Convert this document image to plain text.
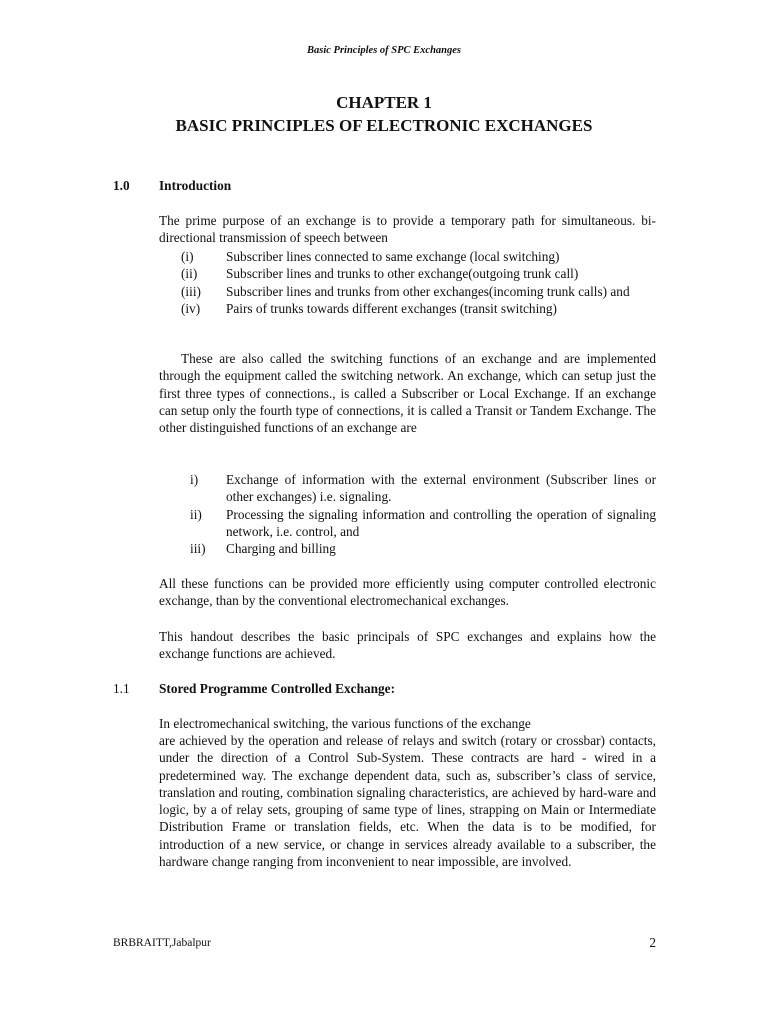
Basic Principles of SPC Exchanges
CHAPTER 1
BASIC PRINCIPLES OF ELECTRONIC EXCHANGES
1.0 Introduction

The prime purpose of an exchange is to provide a temporary path for simultaneous. bi-directional transmission of speech between

(i) Subscriber lines connected to same exchange (local switching)
(ii) Subscriber lines and trunks to other exchange(outgoing trunk call)
(iii) Subscriber lines and trunks from other exchanges(incoming trunk calls) and
(iv) Pairs of trunks towards different exchanges (transit switching)

These are also called the switching functions of an exchange and are implemented through the equipment called the switching network. An exchange, which can setup just the first three types of connections., is called a Subscriber or Local Exchange. If an exchange can setup only the fourth type of connections, it is called a Transit or Tandem Exchange. The other distinguished functions of an exchange are

i) Exchange of information with the external environment (Subscriber lines or other exchanges) i.e. signaling.
ii) Processing the signaling information and controlling the operation of signaling network, i.e. control, and
iii) Charging and billing

All these functions can be provided more efficiently using computer controlled electronic exchange, than by the conventional electromechanical exchanges.

This handout describes the basic principals of SPC exchanges and explains how the exchange functions are achieved.

1.1 Stored Programme Controlled Exchange:

In electromechanical switching, the various functions of the exchange

are achieved by the operation and release of relays and switch (rotary or crossbar) contacts, under the direction of a Control Sub-System. These contracts are hard - wired in a predetermined way. The exchange dependent data, such as, subscriber’s class of service, translation and routing, combination signaling characteristics, are achieved by hard-ware and logic, by a of relay sets, grouping of same type of lines, strapping on Main or Intermediate Distribution Frame or translation fields, etc. When the data is to be modified, for introduction of a new service, or change in services already available to a subscriber, the hardware change ranging from inconvenient to near impossible, are involved.

BRBRAITT,Jabalpur	2
